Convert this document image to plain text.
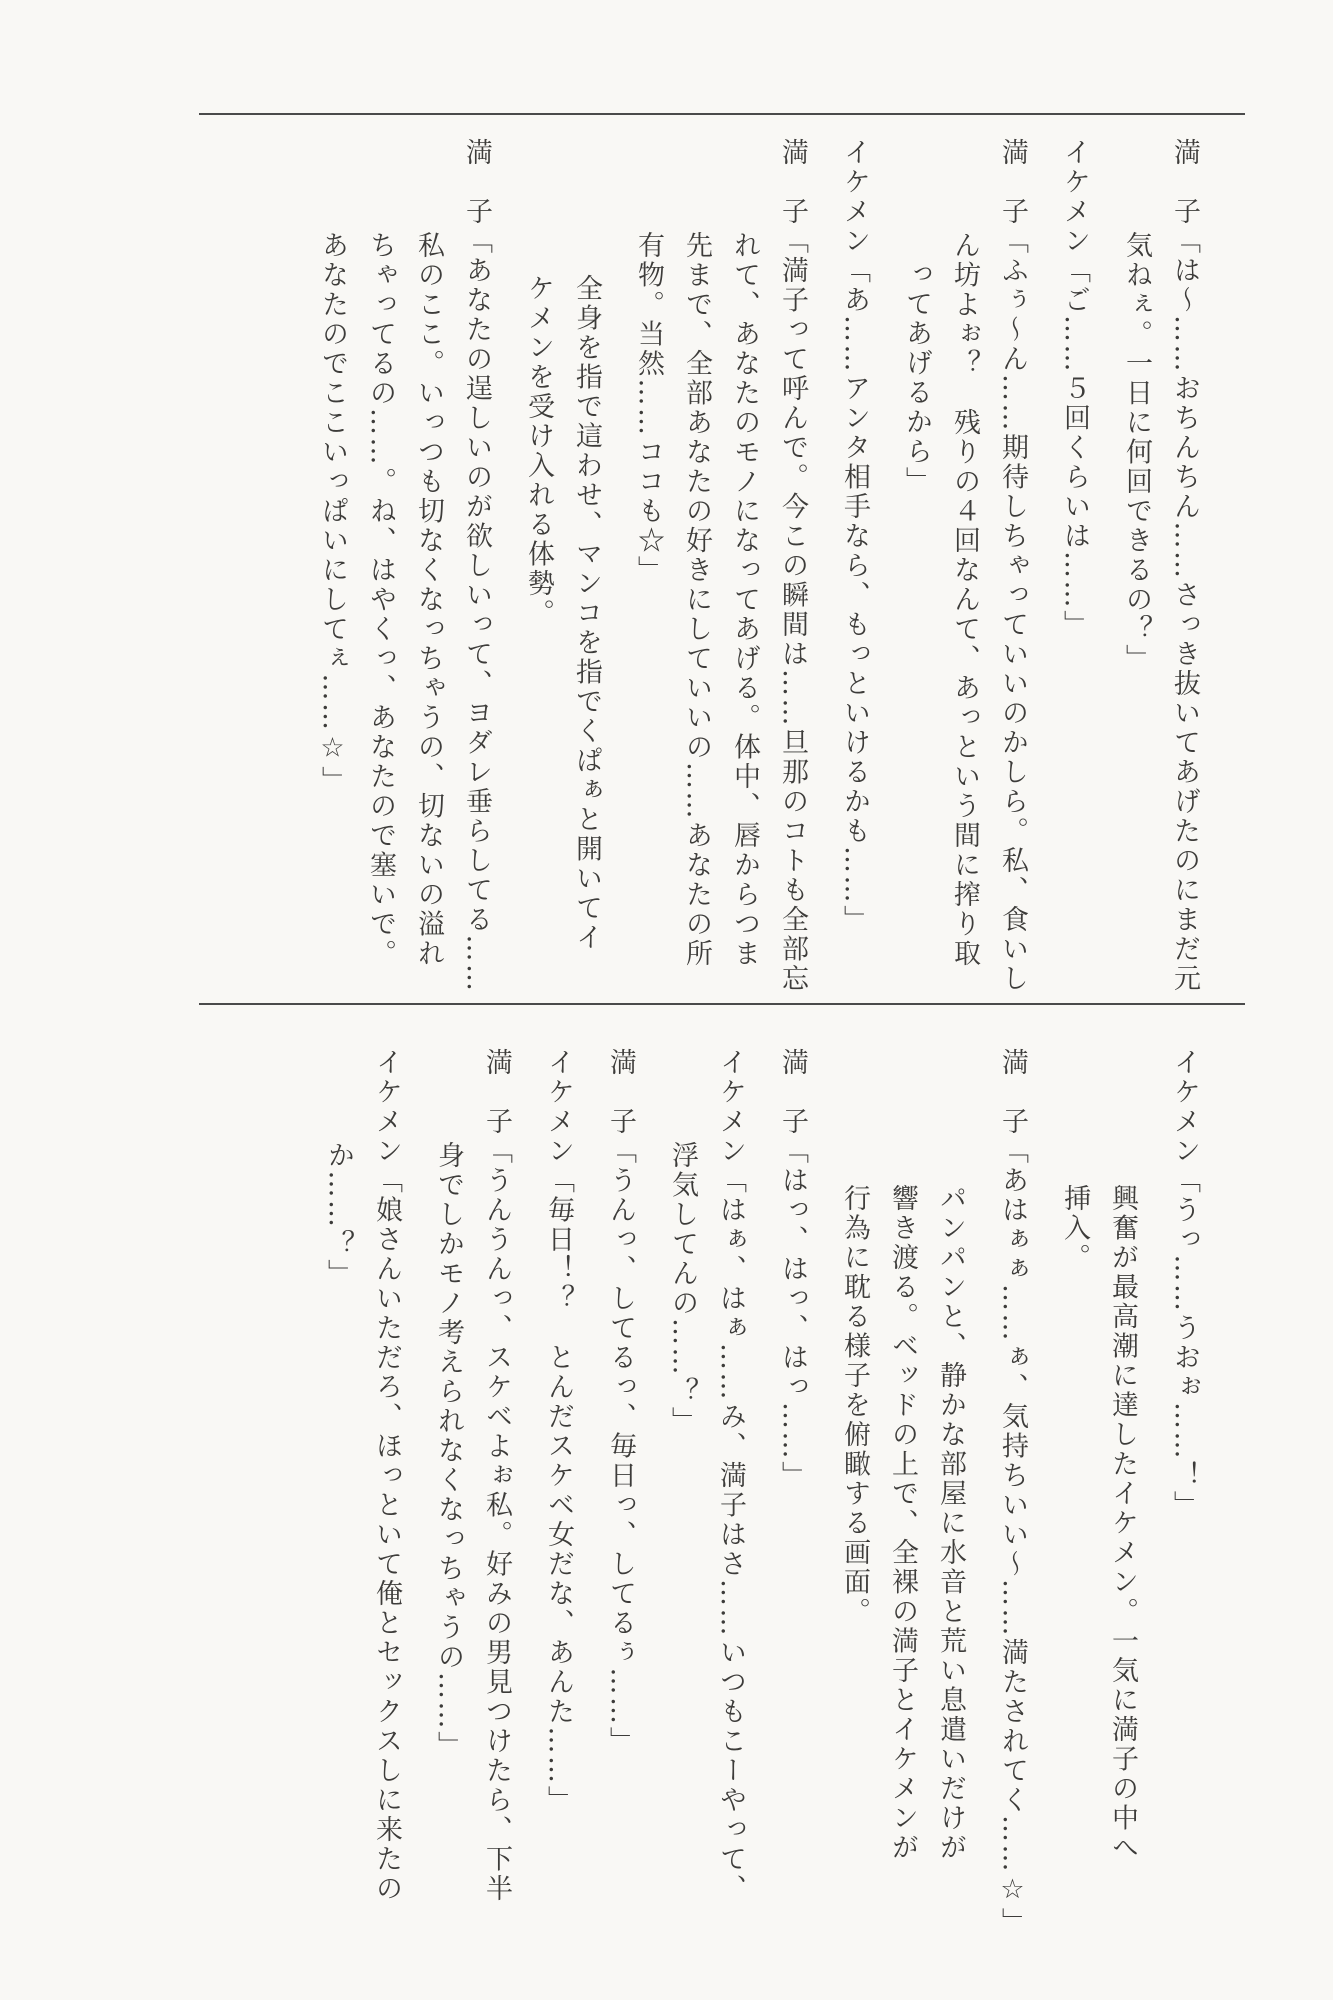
満　子「は〜……おちんちん……さっき抜いてあげたのにまだ元
気ねぇ。一日に何回できるの？」
イケメン「ご……５回くらいは……」
満　子「ふぅ〜ん……期待しちゃっていいのかしら。私、食いし
ん坊よぉ？　残りの４回なんて、あっという間に搾り取
ってあげるから」
イケメン「あ……アンタ相手なら、もっといけるかも……」
満　子「満子って呼んで。今この瞬間は……旦那のコトも全部忘
れて、あなたのモノになってあげる。体中、唇からつま
先まで、全部あなたの好きにしていいの……あなたの所
有物。当然……ココも☆」
全身を指で這わせ、マンコを指でくぱぁと開いてイ
ケメンを受け入れる体勢。
満　子「あなたの逞しいのが欲しいって、ヨダレ垂らしてる……
私のここ。いっつも切なくなっちゃうの、切ないの溢れ
ちゃってるの……。ね、はやくっ、あなたので塞いで。
あなたのでここいっぱいにしてぇ……☆」
イケメン「うっ……うおぉ……！」
興奮が最高潮に達したイケメン。一気に満子の中へ
挿入。
満　子「あはぁぁ……ぁ、気持ちいい〜……満たされてく……☆」
パンパンと、静かな部屋に水音と荒い息遣いだけが
響き渡る。ベッドの上で、全裸の満子とイケメンが
行為に耽る様子を俯瞰する画面。
満　子「はっ、はっ、はっ……」
イケメン「はぁ、はぁ……み、満子はさ……いつもこーやって、
浮気してんの……？」
満　子「うんっ、してるっ、毎日っ、してるぅ……」
イケメン「毎日！？　とんだスケベ女だな、あんた……」
満　子「うんうんっ、スケベよぉ私。好みの男見つけたら、下半
身でしかモノ考えられなくなっちゃうの……」
イケメン「娘さんいただろ、ほっといて俺とセックスしに来たの
か……？」
